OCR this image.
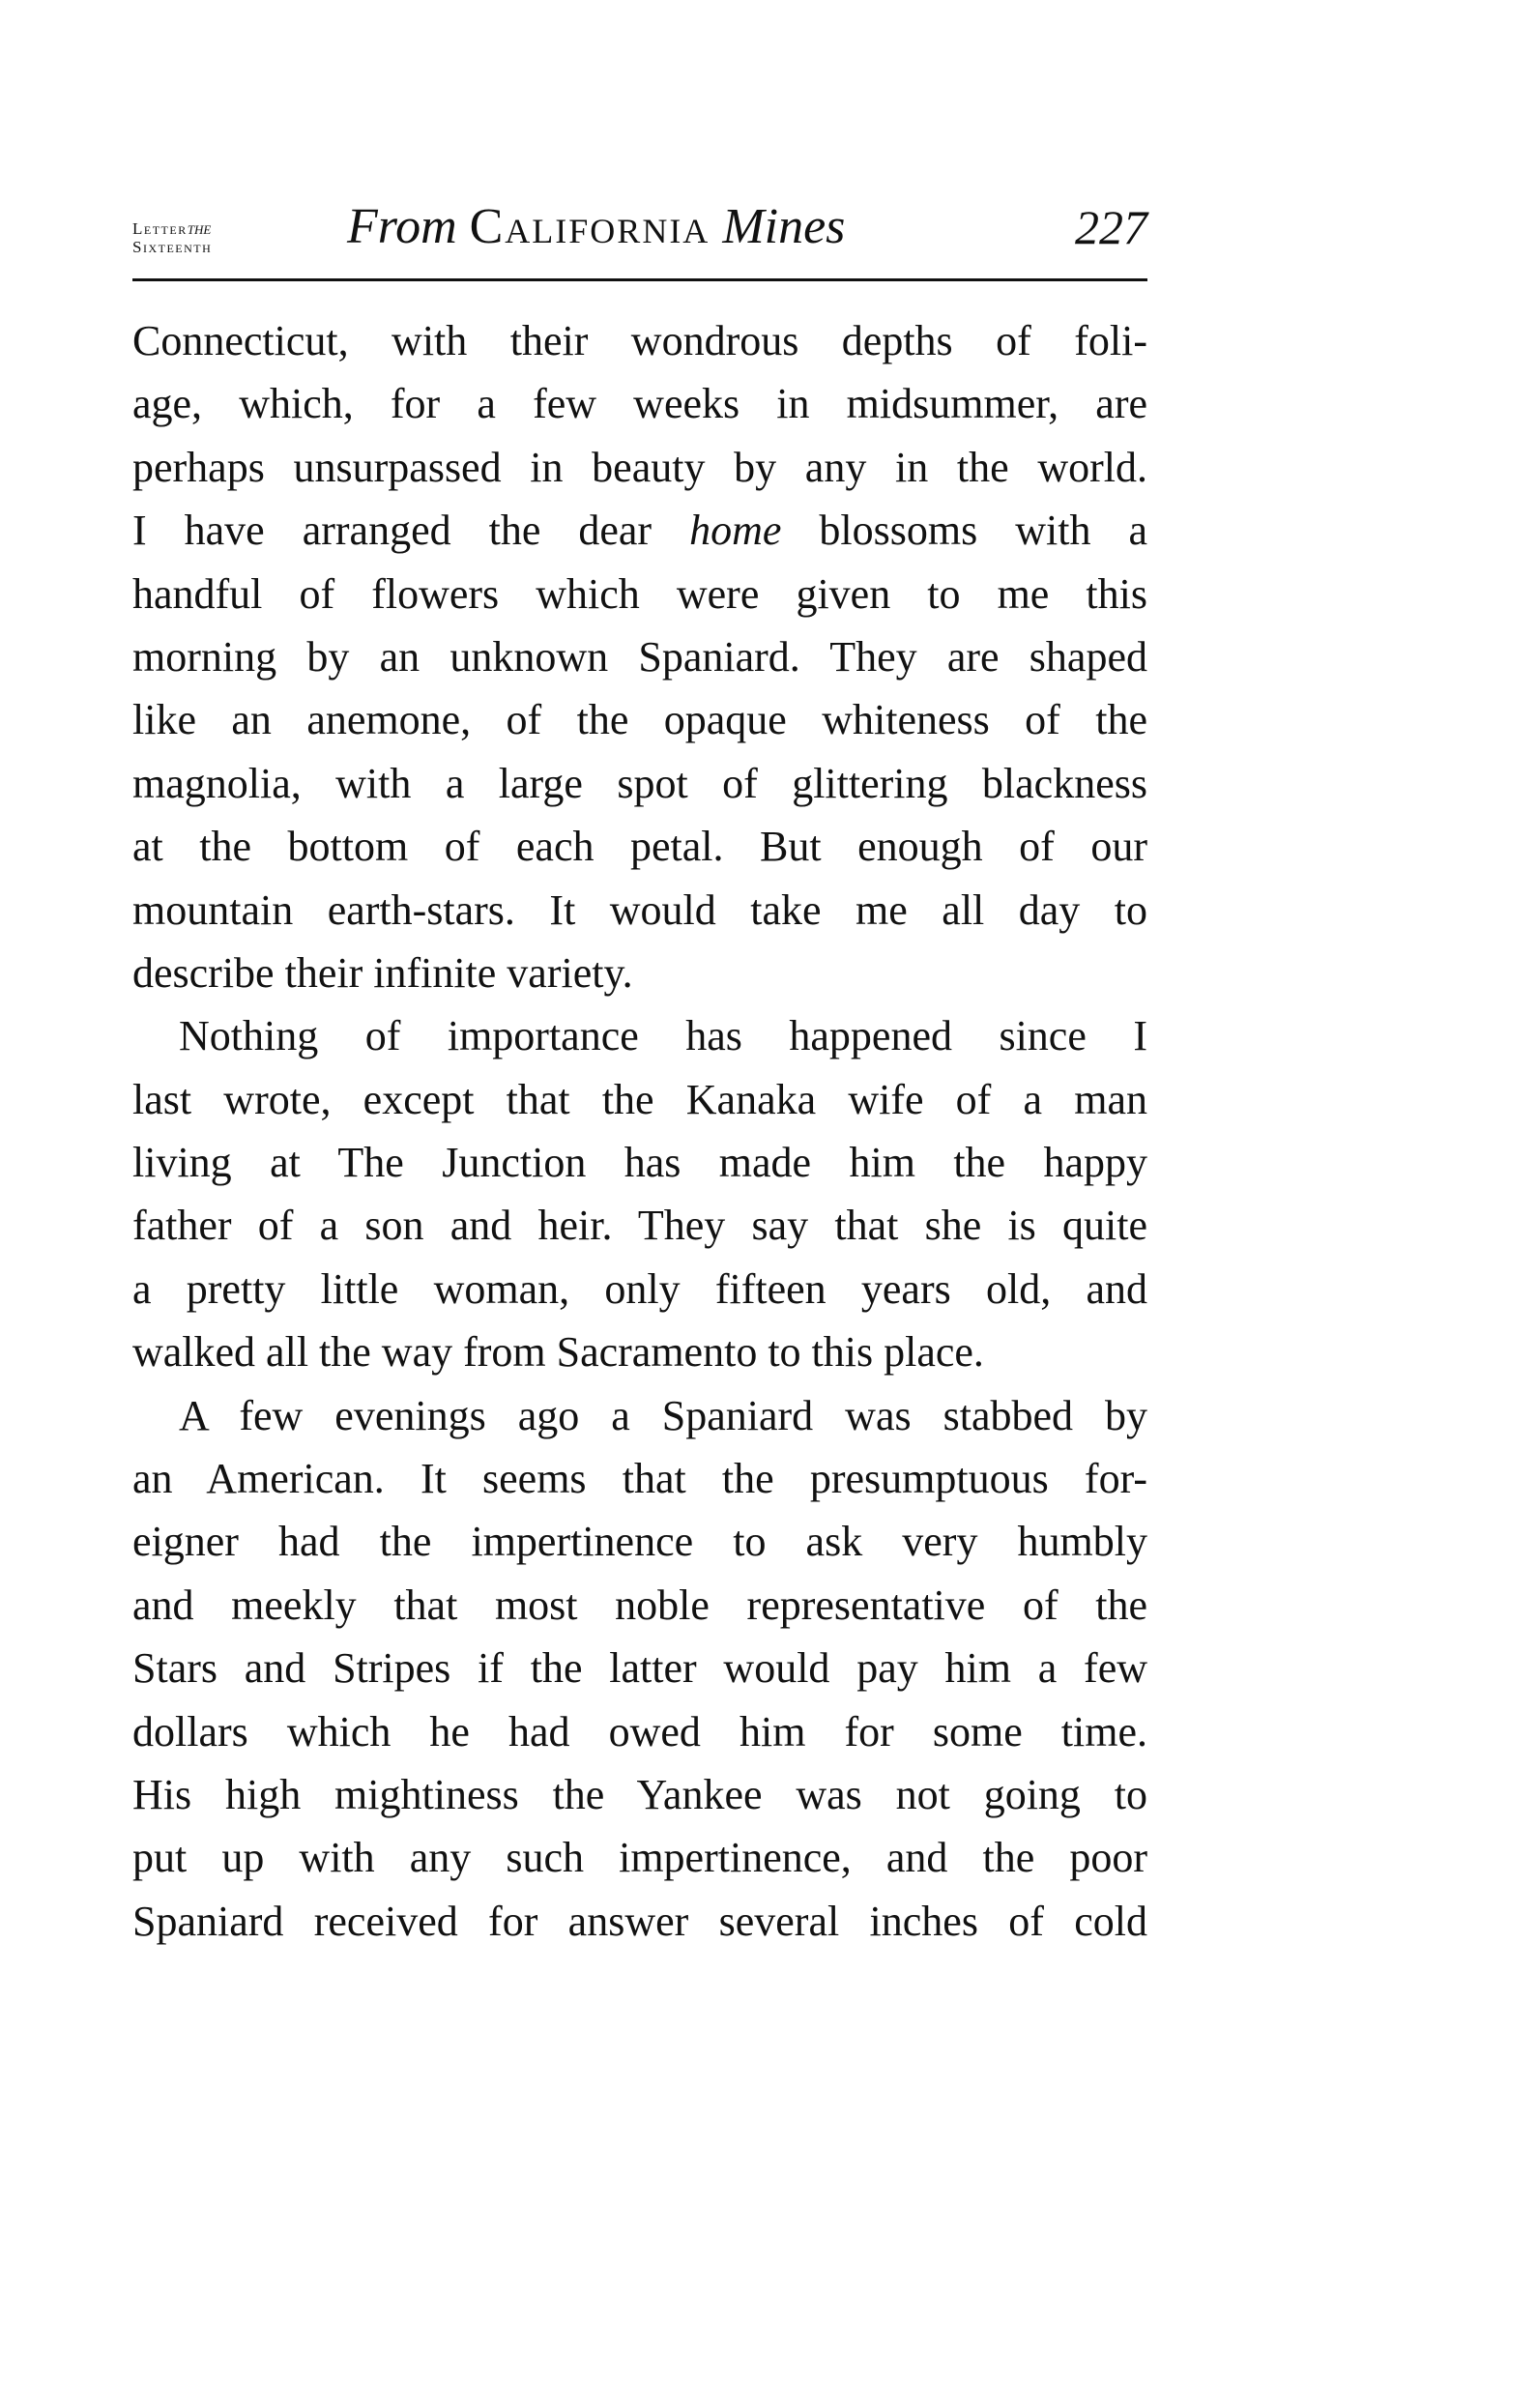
Letterthe
Sixteenth	From California Mines	227
Connecticut, with their wondrous depths of foli-
age, which, for a few weeks in midsummer, are
perhaps unsurpassed in beauty by any in the world.
I have arranged the dear home blossoms with a
handful of flowers which were given to me this
morning by an unknown Spaniard. They are shaped
like an anemone, of the opaque whiteness of the
magnolia, with a large spot of glittering blackness
at the bottom of each petal. But enough of our
mountain earth-stars. It would take me all day to
describe their infinite variety.
Nothing of importance has happened since I
last wrote, except that the Kanaka wife of a man
living at The Junction has made him the happy
father of a son and heir. They say that she is quite
a pretty little woman, only fifteen years old, and
walked all the way from Sacramento to this place.
A few evenings ago a Spaniard was stabbed by
an American. It seems that the presumptuous for-
eigner had the impertinence to ask very humbly
and meekly that most noble representative of the
Stars and Stripes if the latter would pay him a few
dollars which he had owed him for some time.
His high mightiness the Yankee was not going to
put up with any such impertinence, and the poor
Spaniard received for answer several inches of cold
